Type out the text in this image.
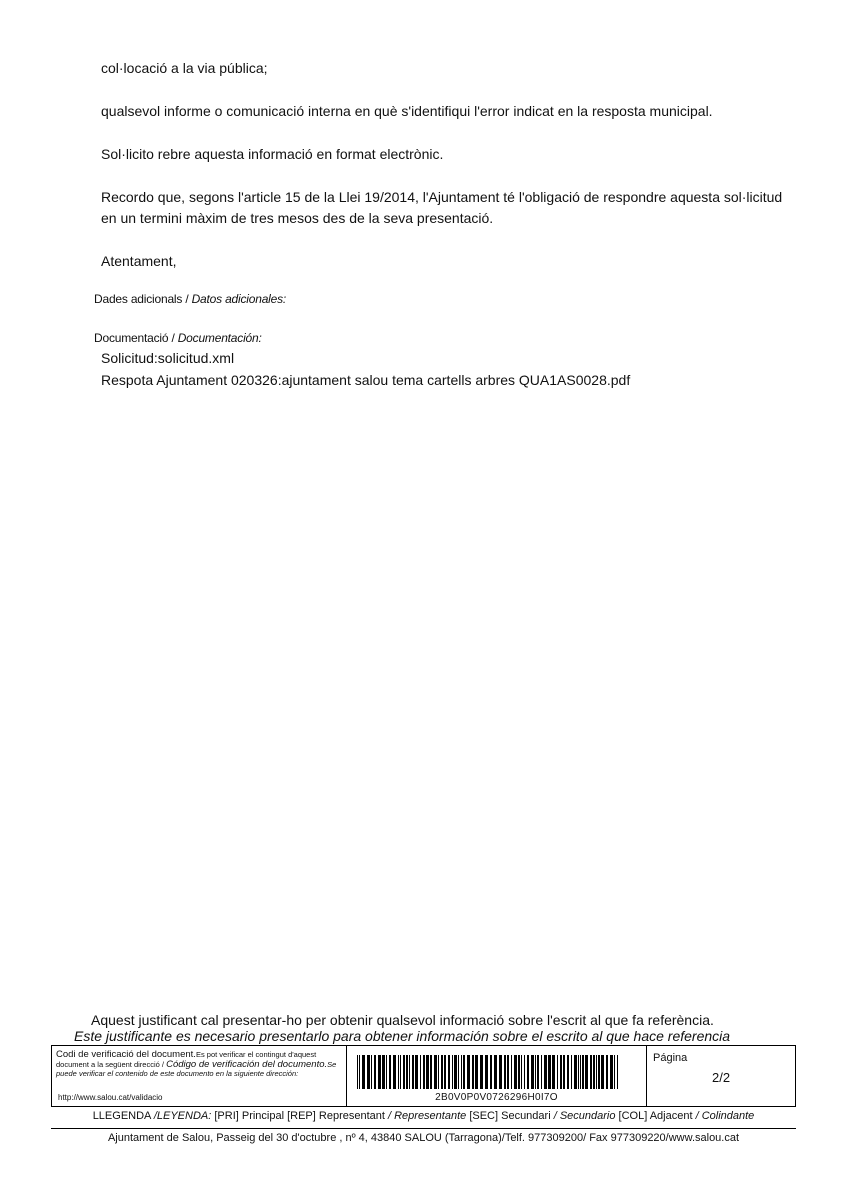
col·locació a la via pública;

qualsevol informe o comunicació interna en què s'identifiqui l'error indicat en la resposta municipal.

Sol·licito rebre aquesta informació en format electrònic.

Recordo que, segons l'article 15 de la Llei 19/2014, l'Ajuntament té l'obligació de respondre aquesta sol·licitud

en un termini màxim de tres mesos des de la seva presentació.

Atentament,

Dades adicionals / Datos adicionales:
Documentació / Documentación:
Solicitud:solicitud.xml
Respota Ajuntament 020326:ajuntament salou tema cartells arbres QUA1AS0028.pdf
Aquest justificant cal presentar-ho per obtenir qualsevol informació sobre l'escrit al que fa referència.
Este justificante es necesario presentarlo para obtener información sobre el escrito al que hace referencia
Codi de verificació del document.Es pot verificar el contingut d'aquest document a la següent direcció / Código de verificación del documento.Se puede verificar el contenido de este documento en la siguiente dirección:
http://www.salou.cat/validacio	2B0V0P0V0726296H0I7O
Página
2/2
LLEGENDA /LEYENDA: [PRI] Principal [REP] Representant / Representante [SEC] Secundari / Secundario [COL] Adjacent / Colindante
Ajuntament de Salou, Passeig del 30 d'octubre , nº 4, 43840 SALOU (Tarragona)/Telf. 977309200/ Fax 977309220/www.salou.cat
